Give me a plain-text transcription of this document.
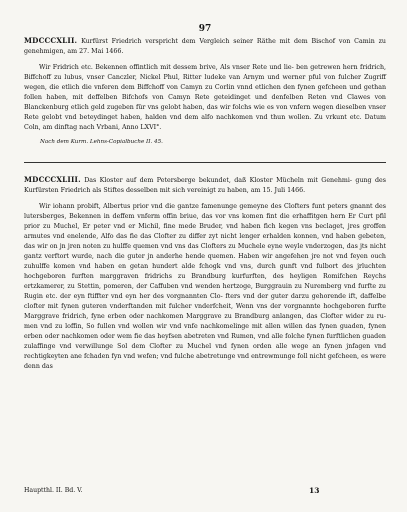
97
MDCCCXLII. Kurfürst Friedrich verspricht dem Vergleich seiner Räthe mit dem Bischof von Camin zu genehmigen, am 27. Mai 1466.

Wir Fridrich etc. Bekennen offintlich mit dessem brive, Als vnser Rete und lie- ben getrewen hern fridrich, Biffchoff zu lubus, vnser Canczler, Nickel Phul, Ritter ludeke van Arnym und werner pful von fulcher Zugriff wegen, die etlich die vnferen dem Biffchoff von Camyn zu Corlin vnnd etlichen den fynen gefcheen und gethan follen haben, mit deffelben Bifchofs von Camyn Rete geteidinget und denfelben Reten vnd Clawes von Blanckenburg etlich geld zugeben für vns gelobt haben, das wir folchs wie es von vnfern wegen dieselben vnser Rete gelobt vnd beteydinget haben, halden vnd dem alfo nachkomen vnd thun wollen. Zu vrkunt etc. Datum Coln, am dinftag nach Vrbani, Anno LXVI°.

Nach dem Kurm. Lehns-Copialbuche II. 45.
MDCCCXLIII. Das Kloster auf dem Petersberge bekundet, daß Kloster Mücheln mit Genehmi- gung des Kurfürsten Friedrich als Stiftes desselben mit sich vereinigt zu haben, am 15. Juli 1466.

Wir iohann probift, Albertus prior vnd die gantze famenunge gemeyne des Clofters funt peters gnannt des lutersberges, Bekennen in deffem vnferm offin briue, das vor vns komen fint die erhaffitgen hern Er Curt pfil prior zu Muchel, Er peter vnd er Michil, fine mede Bruder, vnd haben fich kegen vns beclaget, jres groffen armutes vnd enelende, Alfo das fie das Clofter zu differ zyt nicht lenger erhalden konnen, vnd haben gebeten, das wir on jn jren noten zu hulffe quemen vnd vns das Clofters zu Muchele eyne weyle vnderzogen, das jts nicht gantz verftort wurde, nach die guter jn anderhe hende quemen. Haben wir angefehen jre not vnd feyen ouch zuhulffe komen vnd haben en getan hundert alde fchogk vnd vns, durch gunft vnd fulbort des jrluchten hochgeboren furften marggraven fridrichs zu Brandburg kurfurften, des heyligen Romifchen Reychs ertzkamerer, zu Stettin, pomeren, der Caffuben vnd wenden hertzoge, Burggrauin zu Nuremberg vnd furfte zu Rugin etc. der eyn ftiffter vnd eyn her des vorgnannten Clo- fters vnd der guter darzu gehorende ift, daffelbe clofter mit fynen guteren vnderftanden mit fulcher vnderfcheit, Wenn vns der vorgnannte hochgeboren furfte Marggrave fridrich, fyne erben oder nachkomen Marggrave zu Brandburg anlangen, das Clofter wider zu ru- men vnd zu loffin, So fullen vnd wollen wir vnd vnfe nachkomelinge mit allen willen das fynen guaden, fynen erben oder nachkomen oder wem fie das heyfsen abetreten vnd Rumen, vnd alle folche fynen furftlichen guaden zulaffinge vnd verwillunge Sol dem Clofter zu Muchel vnd fynen orden alle wege an fynen jnfagen vnd rechtigkeyten ane fchaden fyn vnd wefen; vnd fulche abetretunge vnd entrewmunge foll nicht gefcheen, es were denn das

Hauptthl. II. Bd. V.	13
